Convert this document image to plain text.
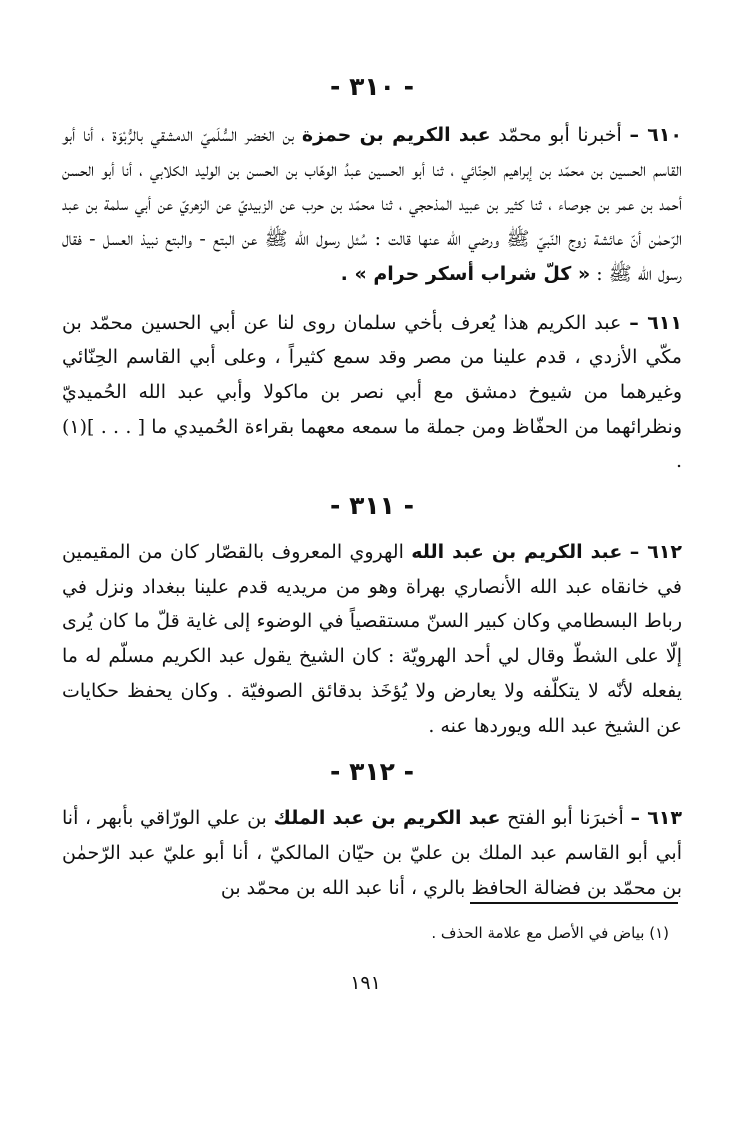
- ٣١٠ -

٦١٠ – أخبرنا أبو محمّد عبد الكريم بن حمزة بن الخضر السُّلَميّ الدمشقي بالرُّبْوَة ، أنا أبو القاسم الحسين بن محمّد بن إبراهيم الحِنّائي ، ثنا أبو الحسين عبدُ الوهّاب بن الحسن بن الوليد الكلابي ، أنا أبو الحسن أحمد بن عمر بن جوصاء ، ثنا كثير بن عبيد المذحجي ، ثنا محمّد بن حرب عن الزبيديّ عن الزهريّ عن أبي سلمة بن عبد الرّحمٰن أنّ عائشة زوج النّبيّ ﷺ ورضي الله عنها قالت : سُئل رسول الله ﷺ عن البتع - والبتع نبيذ العسل - فقال رسول الله ﷺ : « كلّ شراب أسكر حرام » .

٦١١ – عبد الكريم هذا يُعرف بأخي سلمان روى لنا عن أبي الحسين محمّد بن مكّي الأزدي ، قدم علينا من مصر وقد سمع كثيراً ، وعلى أبي القاسم الحِنّائي وغيرهما من شيوخ دمشق مع أبي نصر بن ماكولا وأبي عبد الله الحُميديّ ونظرائهما من الحفّاظ ومن جملة ما سمعه معهما بقراءة الحُميدي ما [ . . . ](١) .

- ٣١١ -

٦١٢ – عبد الكريم بن عبد الله الهروي المعروف بالقصّار كان من المقيمين في خانقاه عبد الله الأنصاري بهراة وهو من مريديه قدم علينا ببغداد ونزل في رباط البسطامي وكان كبير السنّ مستقصياً في الوضوء إلى غاية قلّ ما كان يُرى إلّا على الشطّ وقال لي أحد الهرويّة : كان الشيخ يقول عبد الكريم مسلّم له ما يفعله لأنّه لا يتكلّفه ولا يعارض ولا يُؤخَذ بدقائق الصوفيّة . وكان يحفظ حكايات عن الشيخ عبد الله ويوردها عنه .

- ٣١٢ -

٦١٣ – أخبرَنا أبو الفتح عبد الكريم بن عبد الملك بن علي الورّاقي بأبهر ، أنا أبي أبو القاسم عبد الملك بن عليّ بن حيّان المالكيّ ، أنا أبو عليّ عبد الرّحمٰن بن محمّد بن فضالة الحافظ بالري ، أنا عبد الله بن محمّد بن

(١) بياض في الأصل مع علامة الحذف .
١٩١
